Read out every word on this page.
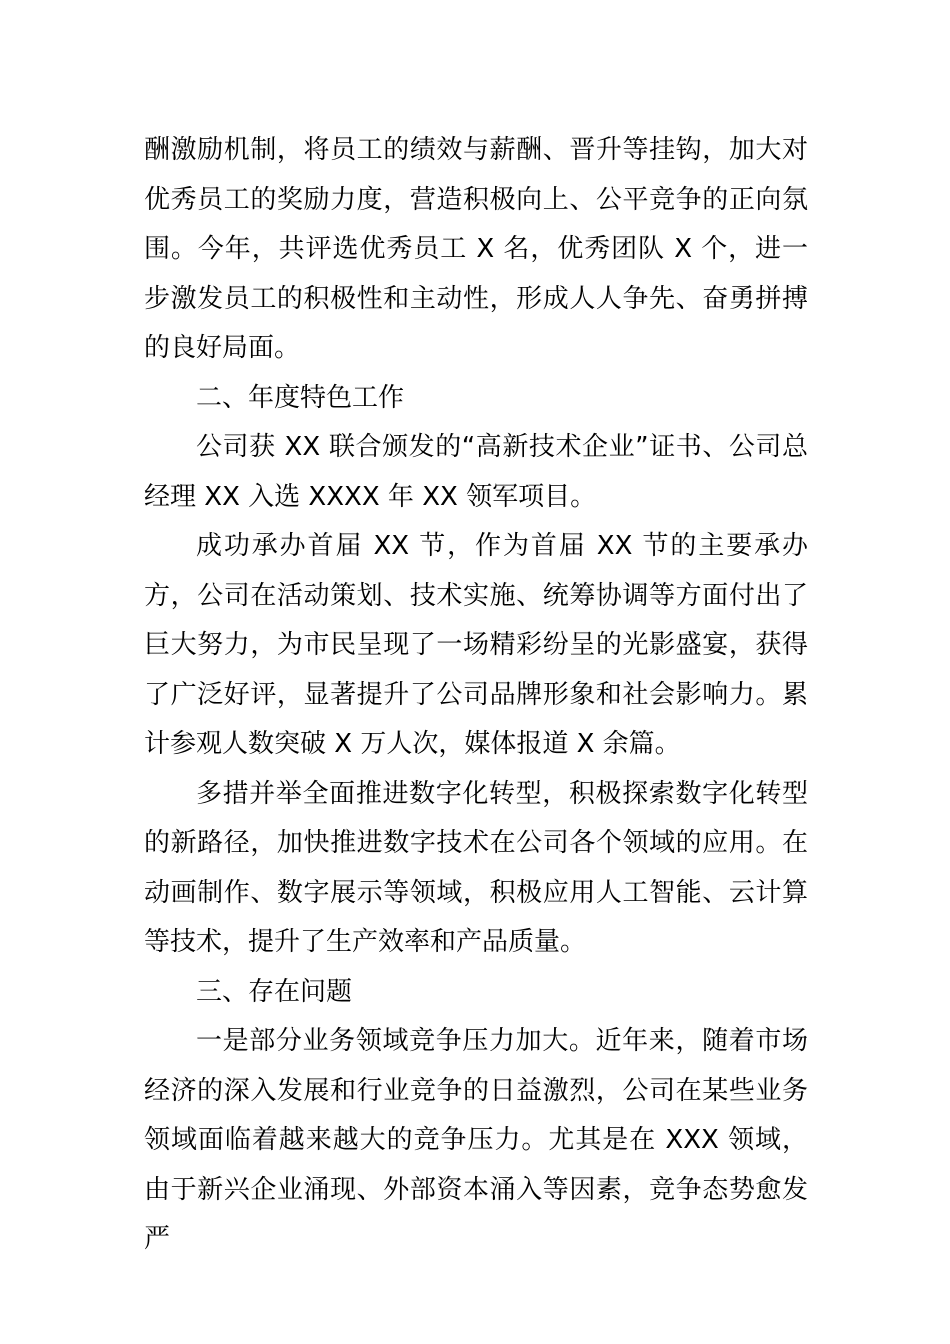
酬激励机制，将员工的绩效与薪酬、晋升等挂钩，加大对优秀员工的奖励力度，营造积极向上、公平竞争的正向氛围。今年，共评选优秀员工 X 名，优秀团队 X 个，进一步激发员工的积极性和主动性，形成人人争先、奋勇拼搏的良好局面。

二、年度特色工作

公司获 XX 联合颁发的“高新技术企业”证书、公司总经理 XX 入选 XXXX 年 XX 领军项目。

成功承办首届 XX 节，作为首届 XX 节的主要承办方，公司在活动策划、技术实施、统筹协调等方面付出了巨大努力，为市民呈现了一场精彩纷呈的光影盛宴，获得了广泛好评，显著提升了公司品牌形象和社会影响力。累计参观人数突破 X 万人次，媒体报道 X 余篇。

多措并举全面推进数字化转型，积极探索数字化转型的新路径，加快推进数字技术在公司各个领域的应用。在动画制作、数字展示等领域，积极应用人工智能、云计算等技术，提升了生产效率和产品质量。

三、存在问题

一是部分业务领域竞争压力加大。近年来，随着市场经济的深入发展和行业竞争的日益激烈，公司在某些业务领域面临着越来越大的竞争压力。尤其是在 XXX 领域，由于新兴企业涌现、外部资本涌入等因素，竞争态势愈发严
